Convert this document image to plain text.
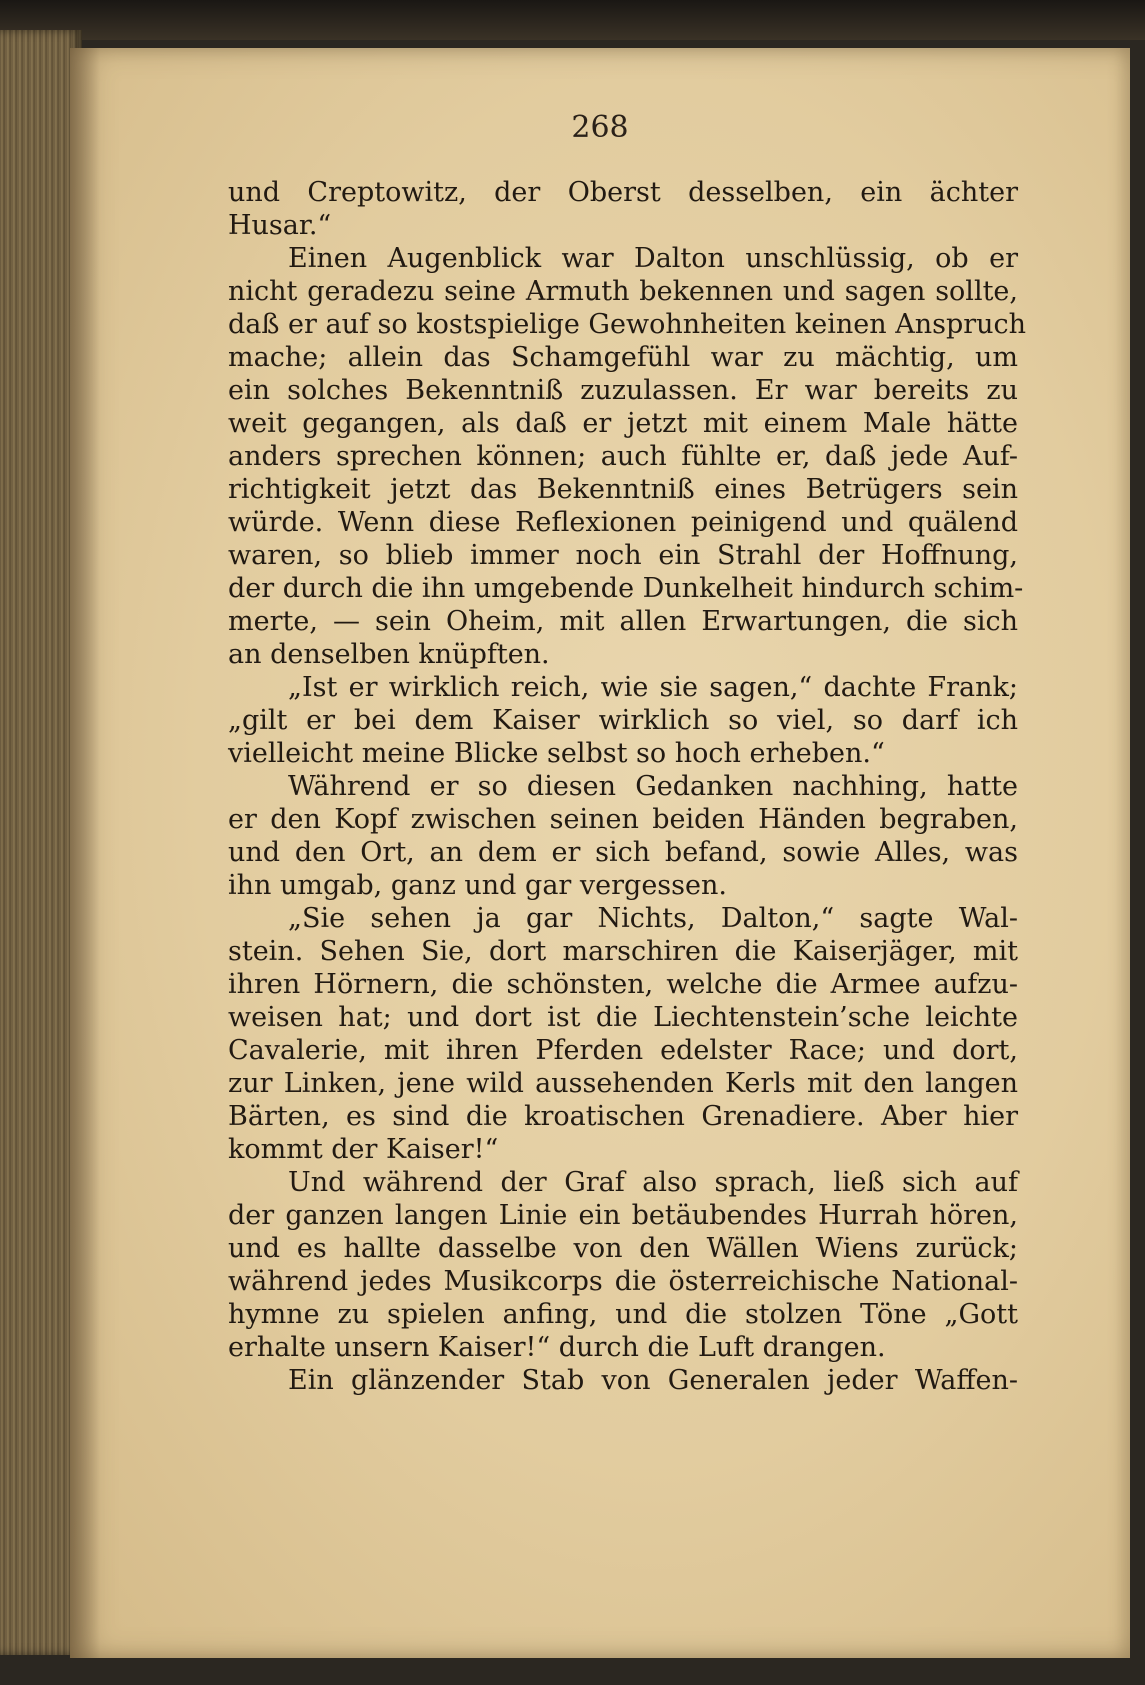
268
und Creptowitz, der Oberst desselben, ein ächter
Husar.“
Einen Augenblick war Dalton unschlüssig, ob er
nicht geradezu seine Armuth bekennen und sagen sollte,
daß er auf so kostspielige Gewohnheiten keinen Anspruch
mache; allein das Schamgefühl war zu mächtig, um
ein solches Bekenntniß zuzulassen. Er war bereits zu
weit gegangen, als daß er jetzt mit einem Male hätte
anders sprechen können; auch fühlte er, daß jede Auf-
richtigkeit jetzt das Bekenntniß eines Betrügers sein
würde. Wenn diese Reflexionen peinigend und quälend
waren, so blieb immer noch ein Strahl der Hoffnung,
der durch die ihn umgebende Dunkelheit hindurch schim-
merte, — sein Oheim, mit allen Erwartungen, die sich
an denselben knüpften.
„Ist er wirklich reich, wie sie sagen,“ dachte Frank;
„gilt er bei dem Kaiser wirklich so viel, so darf ich
vielleicht meine Blicke selbst so hoch erheben.“
Während er so diesen Gedanken nachhing, hatte
er den Kopf zwischen seinen beiden Händen begraben,
und den Ort, an dem er sich befand, sowie Alles, was
ihn umgab, ganz und gar vergessen.
„Sie sehen ja gar Nichts, Dalton,“ sagte Wal-
stein. Sehen Sie, dort marschiren die Kaiserjäger, mit
ihren Hörnern, die schönsten, welche die Armee aufzu-
weisen hat; und dort ist die Liechtenstein’sche leichte
Cavalerie, mit ihren Pferden edelster Race; und dort,
zur Linken, jene wild aussehenden Kerls mit den langen
Bärten, es sind die kroatischen Grenadiere. Aber hier
kommt der Kaiser!“
Und während der Graf also sprach, ließ sich auf
der ganzen langen Linie ein betäubendes Hurrah hören,
und es hallte dasselbe von den Wällen Wiens zurück;
während jedes Musikcorps die österreichische National-
hymne zu spielen anfing, und die stolzen Töne „Gott
erhalte unsern Kaiser!“ durch die Luft drangen.
Ein glänzender Stab von Generalen jeder Waffen-
